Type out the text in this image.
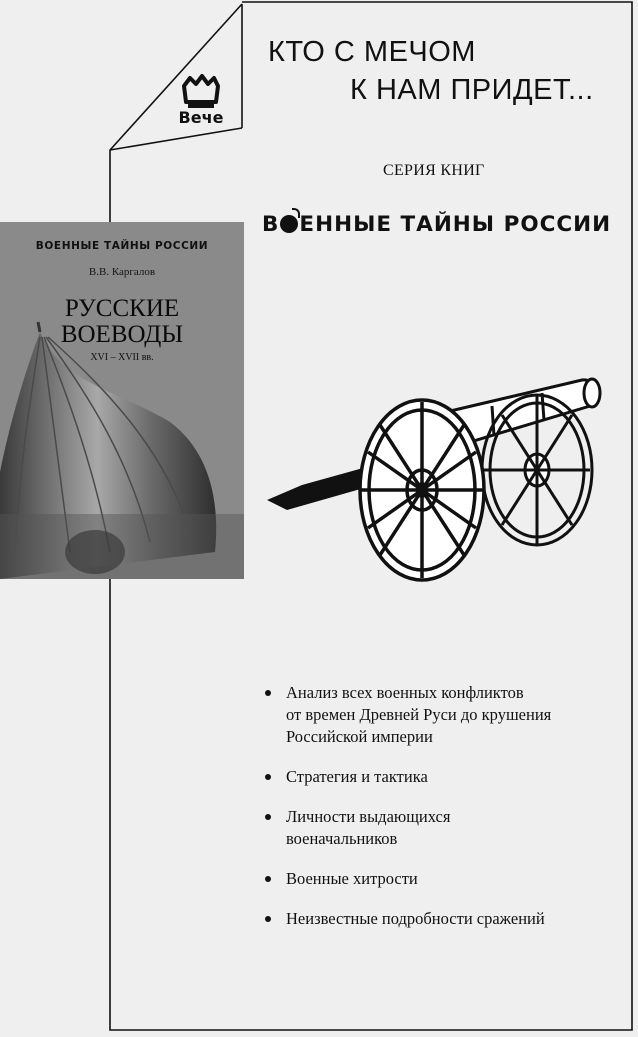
КТО С МЕЧОМ
К НАМ ПРИДЕТ...
Вече
СЕРИЯ КНИГ
В ЕННЫЕ ТАЙНЫ РОССИИ
ВОЕННЫЕ ТАЙНЫ РОССИИ
В.В. Каргалов
РУССКИЕ
ВОЕВОДЫ
XVI – XVII вв.
Анализ всех военных конфликтов
от времен Древней Руси до крушения
Российской империи
Стратегия и тактика
Личности выдающихся
военачальников
Военные хитрости
Неизвестные подробности сражений
